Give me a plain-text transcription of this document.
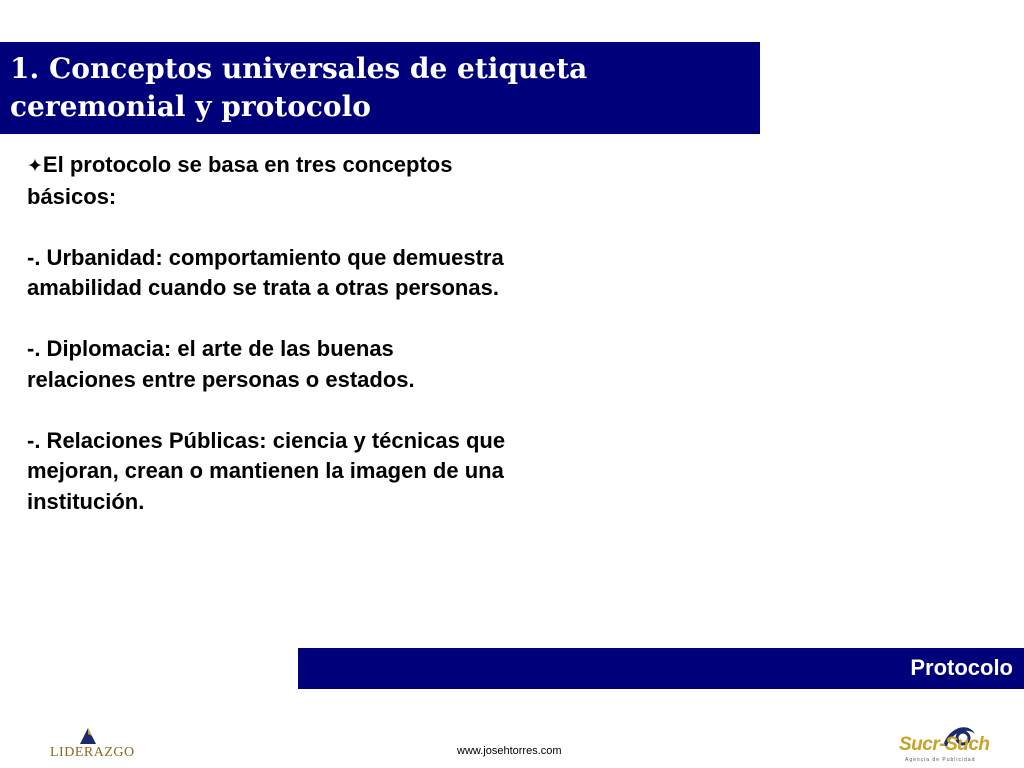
1. Conceptos universales de etiqueta
ceremonial y protocolo

✦El protocolo se basa en tres conceptos básicos:

-. Urbanidad: comportamiento que demuestra amabilidad cuando se trata a otras personas.

-. Diplomacia: el arte de las buenas relaciones entre personas o estados.

-. Relaciones Públicas: ciencia y técnicas que mejoran, crean o mantienen la imagen de una institución.

Protocolo
LIDERAZGO	www.josehtorres.com	Sucr-Such
Agencia de Publicidad
